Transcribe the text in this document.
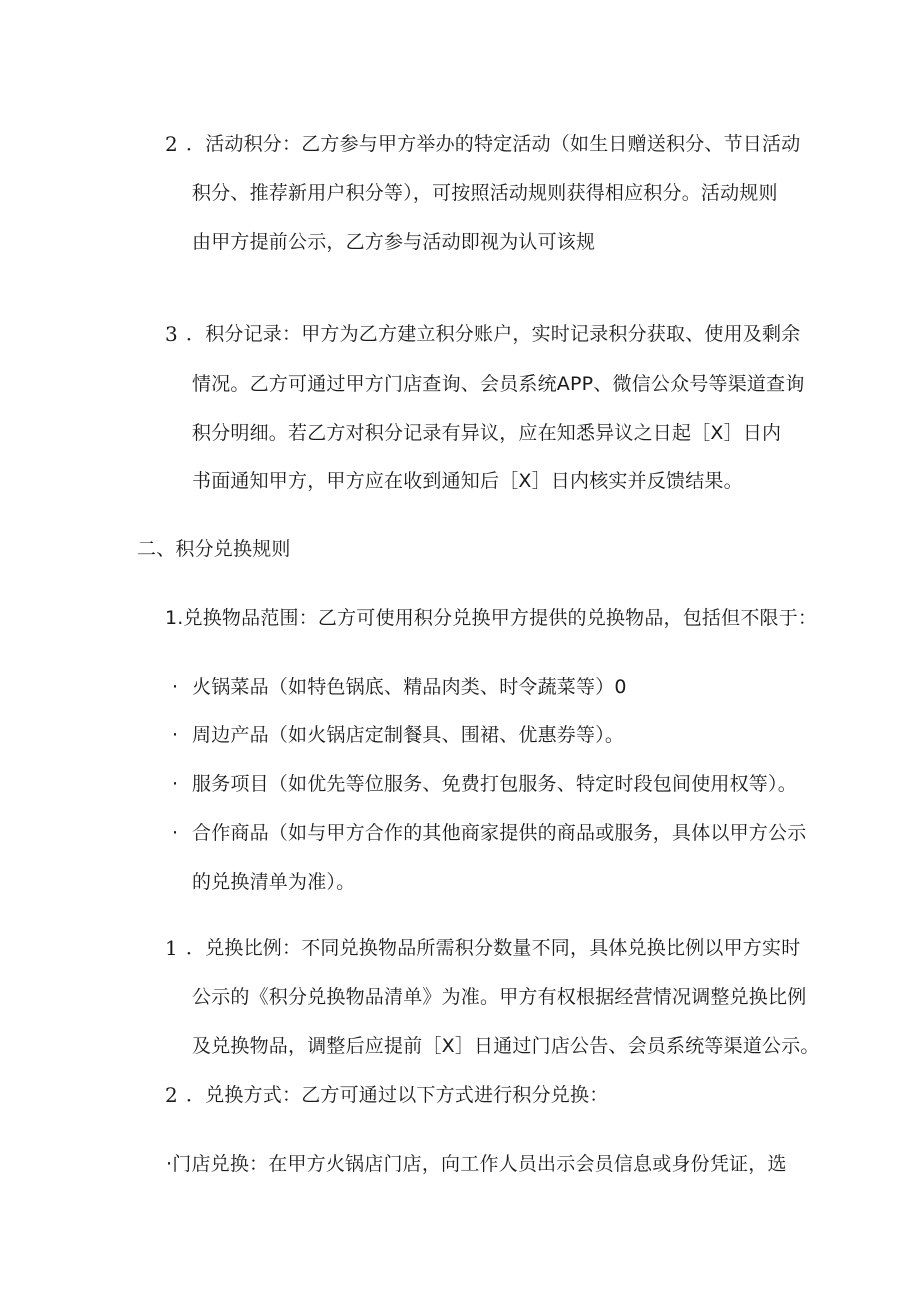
2 ．活动积分：乙方参与甲方举办的特定活动（如生日赠送积分、节日活动
积分、推荐新用户积分等），可按照活动规则获得相应积分。活动规则
由甲方提前公示，乙方参与活动即视为认可该规
3 ．积分记录：甲方为乙方建立积分账户，实时记录积分获取、使用及剩余
情况。乙方可通过甲方门店查询、会员系统APP、微信公众号等渠道查询
积分明细。若乙方对积分记录有异议，应在知悉异议之日起［X］日内
书面通知甲方，甲方应在收到通知后［X］日内核实并反馈结果。
二、积分兑换规则
1.兑换物品范围：乙方可使用积分兑换甲方提供的兑换物品，包括但不限于：
· 火锅菜品（如特色锅底、精品肉类、时令蔬菜等）0
· 周边产品（如火锅店定制餐具、围裙、优惠券等）。
· 服务项目（如优先等位服务、免费打包服务、特定时段包间使用权等）。
· 合作商品（如与甲方合作的其他商家提供的商品或服务，具体以甲方公示
的兑换清单为准）。
1 ．兑换比例：不同兑换物品所需积分数量不同，具体兑换比例以甲方实时
公示的《积分兑换物品清单》为准。甲方有权根据经营情况调整兑换比例
及兑换物品，调整后应提前［X］日通过门店公告、会员系统等渠道公示。
2 ．兑换方式：乙方可通过以下方式进行积分兑换：
·门店兑换：在甲方火锅店门店，向工作人员出示会员信息或身份凭证，选
